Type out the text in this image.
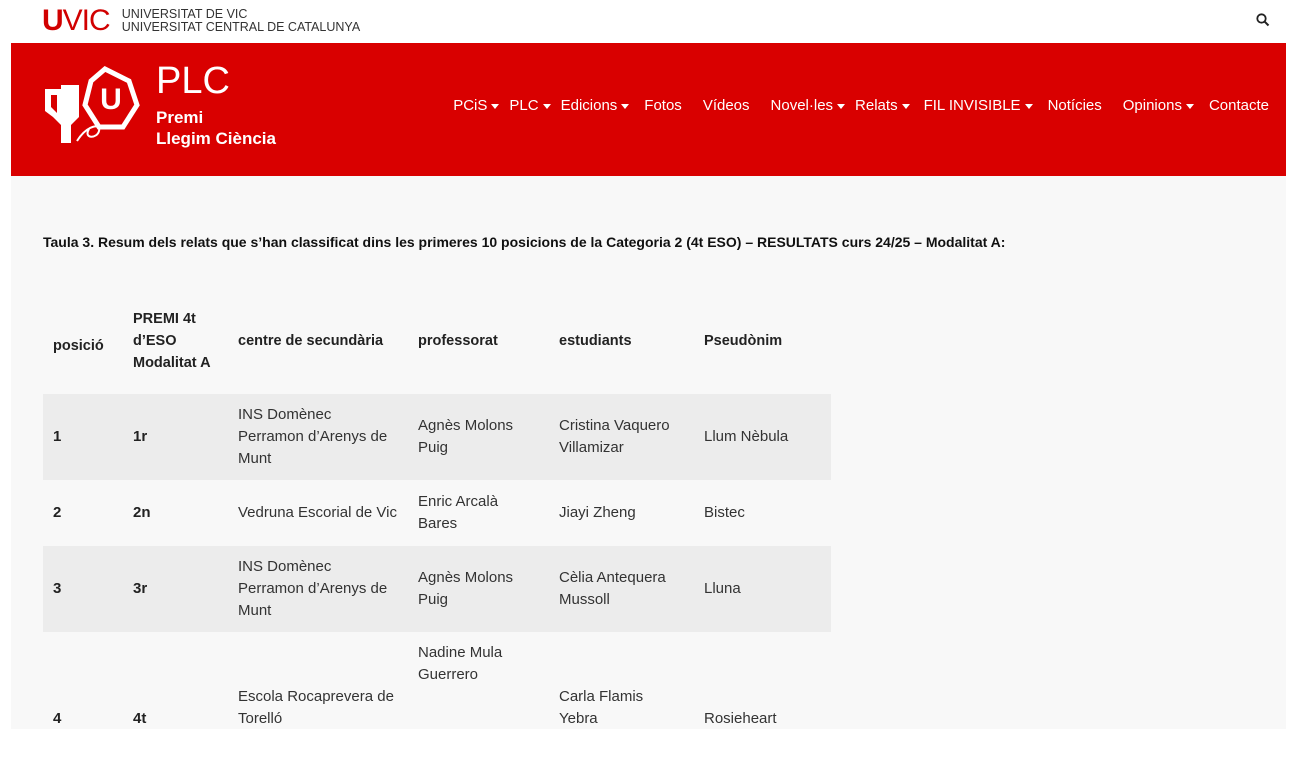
UVIC UNIVERSITAT DE VIC
UNIVERSITAT CENTRAL DE CATALUNYA
U PLC
Premi
Llegim Ciència
PCiS PLC Edicions Fotos Vídeos Novel·les Relats FIL INVISIBLE Notícies Opinions Contacte
Taula 3. Resum dels relats que s’han classificat dins les primeres 10 posicions de la Categoria 2 (4t ESO) – RESULTATS curs 24/25 – Modalitat A:
posició	PREMI 4t d’ESO Modalitat A	centre de secundària	professorat	estudiants	Pseudònim
1	1r	INS Domènec Perramon d’Arenys de Munt	Agnès Molons Puig	Cristina Vaquero Villamizar	Llum Nèbula
2	2n	Vedruna Escorial de Vic	Enric Arcalà Bares	Jiayi Zheng	Bistec
3	3r	INS Domènec Perramon d’Arenys de Munt	Agnès Molons Puig	Cèlia Antequera Mussoll	Lluna
4	4t	Escola Rocaprevera de Torelló	Nadine Mula Guerrero	Carla Flamis Yebra	Rosieheart
